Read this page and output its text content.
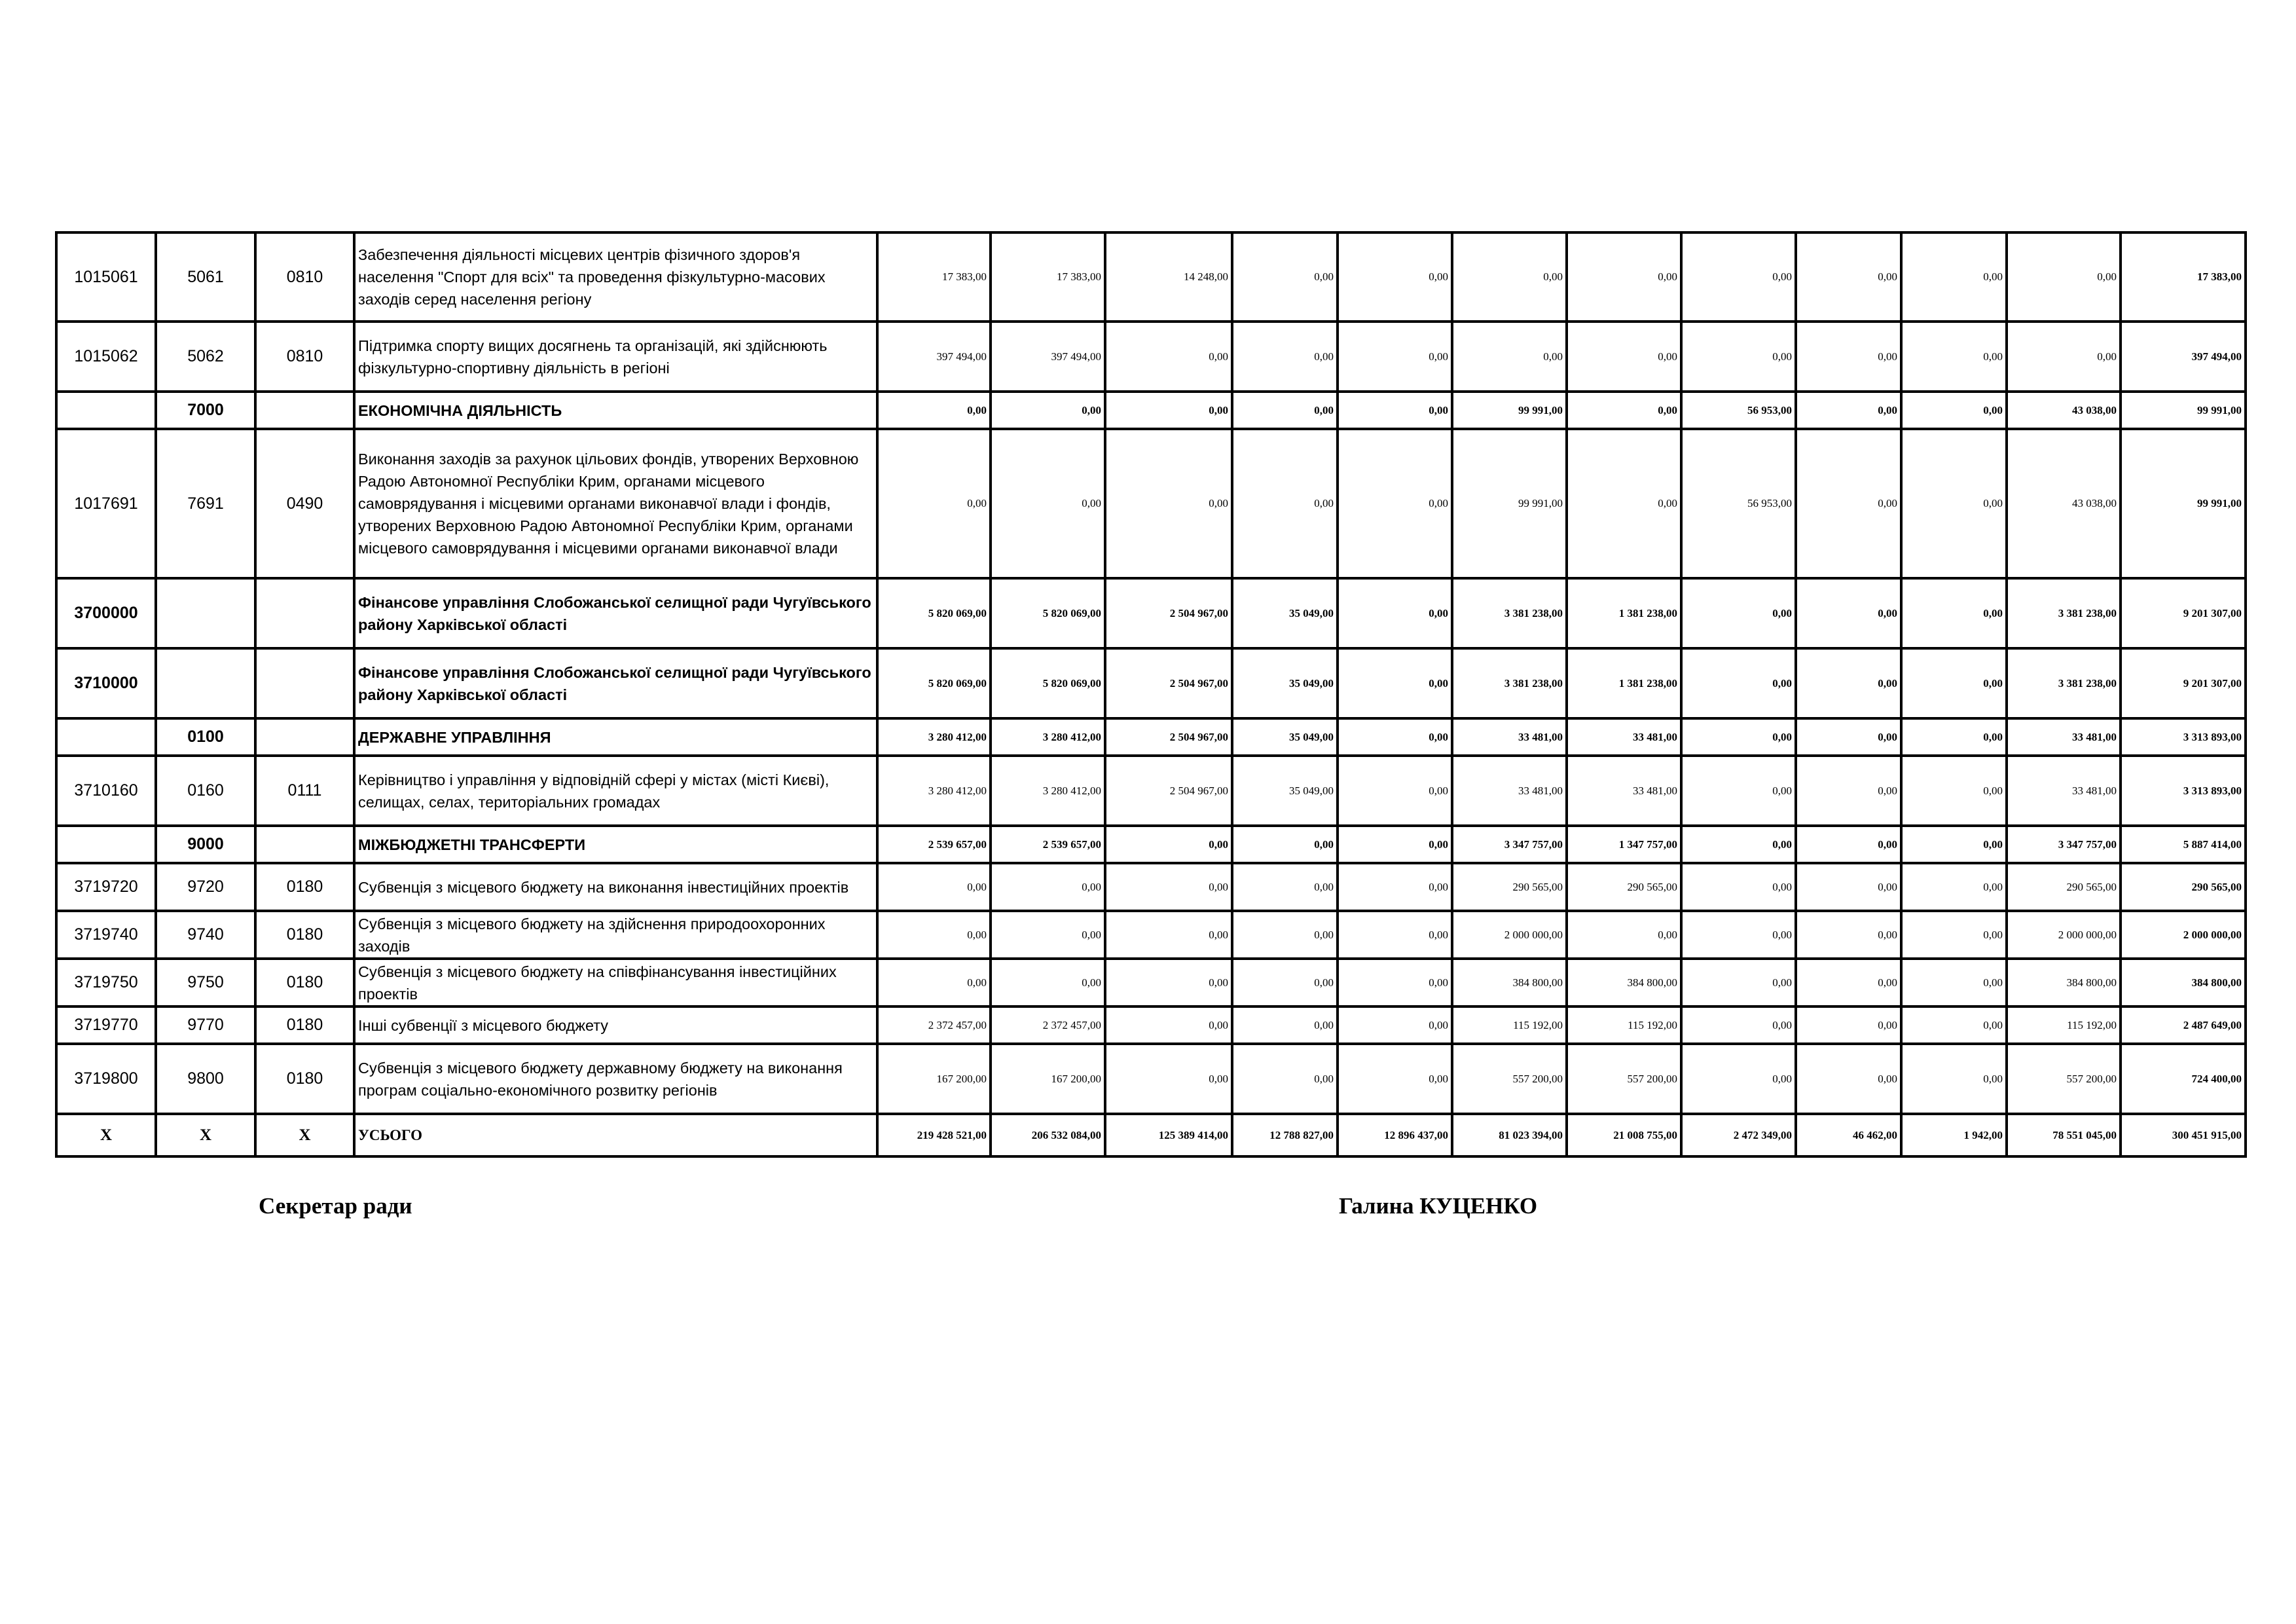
1015061	5061	0810	Забезпечення діяльності місцевих центрів фізичного здоров'я населення "Спорт для всіх" та проведення фізкультурно-масових заходів серед населення регіону	17 383,00	17 383,00	14 248,00	0,00	0,00	0,00	0,00	0,00	0,00	0,00	0,00	17 383,00
1015062	5062	0810	Підтримка спорту вищих досягнень та організацій, які здійснюють фізкультурно-спортивну діяльність в регіоні	397 494,00	397 494,00	0,00	0,00	0,00	0,00	0,00	0,00	0,00	0,00	0,00	397 494,00
	7000		ЕКОНОМІЧНА ДІЯЛЬНІСТЬ	0,00	0,00	0,00	0,00	0,00	99 991,00	0,00	56 953,00	0,00	0,00	43 038,00	99 991,00
1017691	7691	0490	Виконання заходів за рахунок цільових фондів, утворених Верховною Радою Автономної Республіки Крим, органами місцевого самоврядування і місцевими органами виконавчої влади і фондів, утворених Верховною Радою Автономної Республіки Крим, органами місцевого самоврядування і місцевими органами виконавчої влади	0,00	0,00	0,00	0,00	0,00	99 991,00	0,00	56 953,00	0,00	0,00	43 038,00	99 991,00
3700000			Фінансове управління Слобожанської селищної ради Чугуївського району Харківської області	5 820 069,00	5 820 069,00	2 504 967,00	35 049,00	0,00	3 381 238,00	1 381 238,00	0,00	0,00	0,00	3 381 238,00	9 201 307,00
3710000			Фінансове управління Слобожанської селищної ради Чугуївського району Харківської області	5 820 069,00	5 820 069,00	2 504 967,00	35 049,00	0,00	3 381 238,00	1 381 238,00	0,00	0,00	0,00	3 381 238,00	9 201 307,00
	0100		ДЕРЖАВНЕ УПРАВЛІННЯ	3 280 412,00	3 280 412,00	2 504 967,00	35 049,00	0,00	33 481,00	33 481,00	0,00	0,00	0,00	33 481,00	3 313 893,00
3710160	0160	0111	Керівництво і управління у відповідній сфері у містах (місті Києві), селищах, селах, територіальних громадах	3 280 412,00	3 280 412,00	2 504 967,00	35 049,00	0,00	33 481,00	33 481,00	0,00	0,00	0,00	33 481,00	3 313 893,00
	9000		МІЖБЮДЖЕТНІ ТРАНСФЕРТИ	2 539 657,00	2 539 657,00	0,00	0,00	0,00	3 347 757,00	1 347 757,00	0,00	0,00	0,00	3 347 757,00	5 887 414,00
3719720	9720	0180	Субвенція з місцевого бюджету на виконання інвестиційних проектів	0,00	0,00	0,00	0,00	0,00	290 565,00	290 565,00	0,00	0,00	0,00	290 565,00	290 565,00
3719740	9740	0180	Субвенція з місцевого бюджету на здійснення природоохоронних заходів	0,00	0,00	0,00	0,00	0,00	2 000 000,00	0,00	0,00	0,00	0,00	2 000 000,00	2 000 000,00
3719750	9750	0180	Субвенція з місцевого бюджету на співфінансування інвестиційних проектів	0,00	0,00	0,00	0,00	0,00	384 800,00	384 800,00	0,00	0,00	0,00	384 800,00	384 800,00
3719770	9770	0180	Інші субвенції з місцевого бюджету	2 372 457,00	2 372 457,00	0,00	0,00	0,00	115 192,00	115 192,00	0,00	0,00	0,00	115 192,00	2 487 649,00
3719800	9800	0180	Субвенція з місцевого бюджету державному бюджету на виконання програм соціально-економічного розвитку регіонів	167 200,00	167 200,00	0,00	0,00	0,00	557 200,00	557 200,00	0,00	0,00	0,00	557 200,00	724 400,00
X	X	X	УСЬОГО	219 428 521,00	206 532 084,00	125 389 414,00	12 788 827,00	12 896 437,00	81 023 394,00	21 008 755,00	2 472 349,00	46 462,00	1 942,00	78 551 045,00	300 451 915,00
Секретар ради	Галина КУЦЕНКО
